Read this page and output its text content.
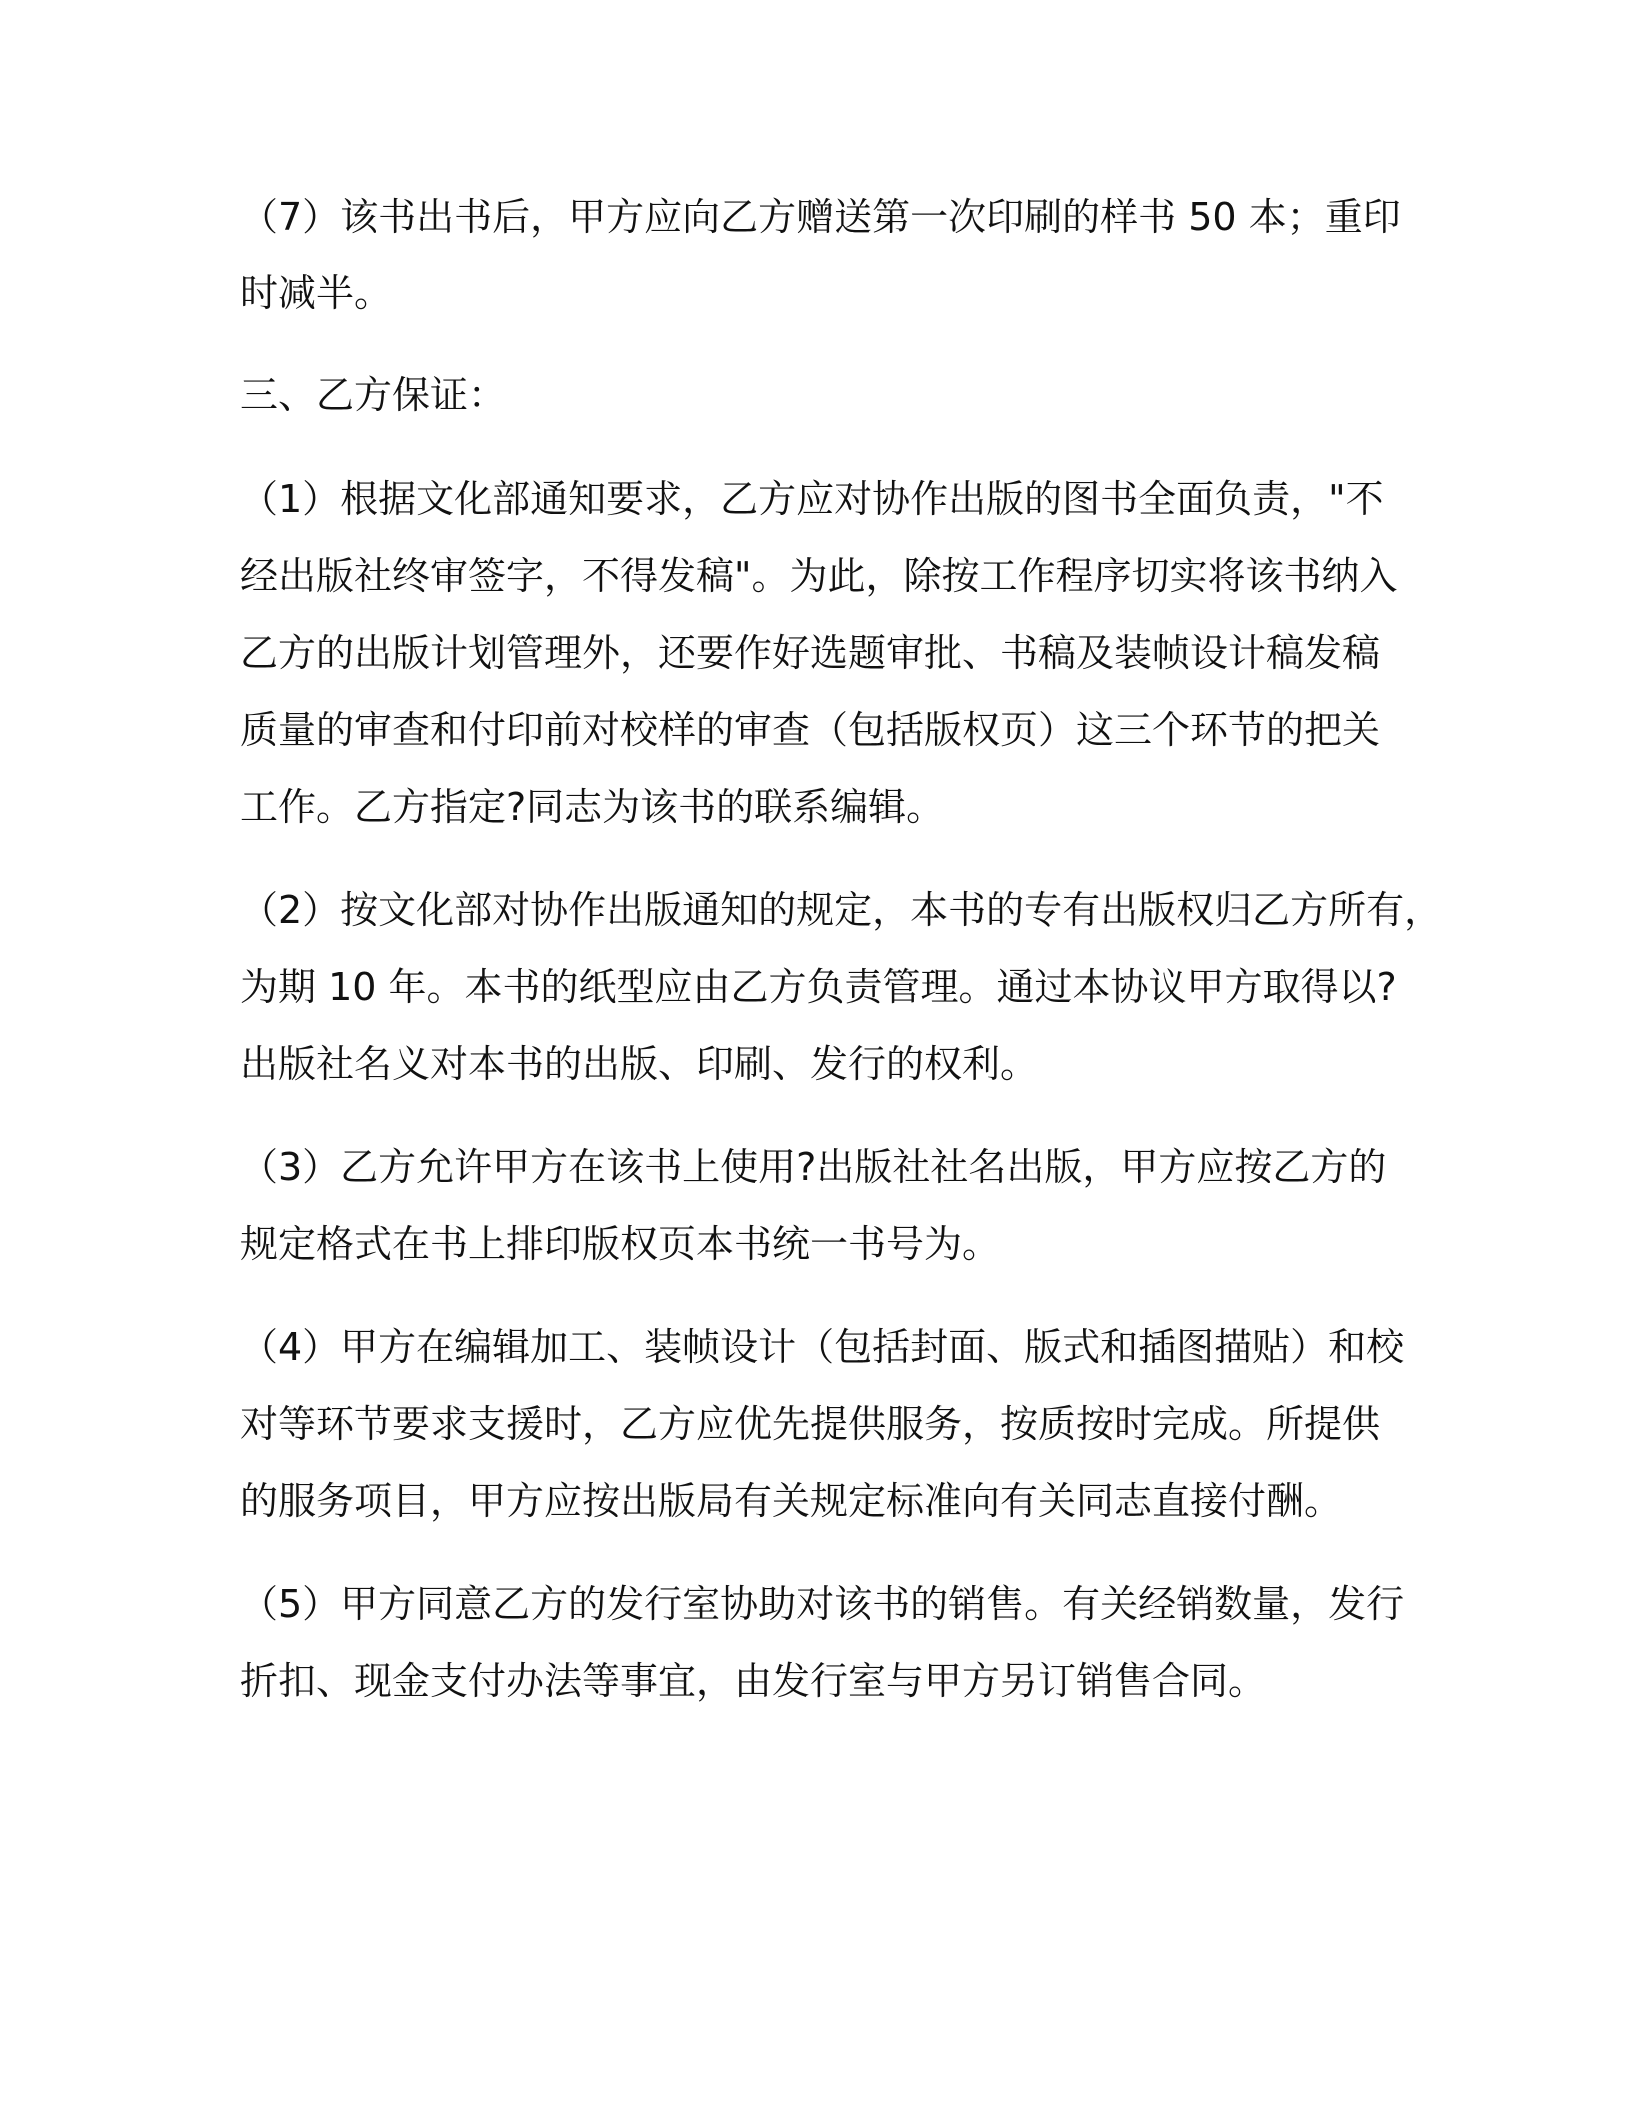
（7）该书出书后，甲方应向乙方赠送第一次印刷的样书 50 本；重印
时减半。
三、乙方保证：
（1）根据文化部通知要求，乙方应对协作出版的图书全面负责，"不
经出版社终审签字，不得发稿"。为此，除按工作程序切实将该书纳入
乙方的出版计划管理外，还要作好选题审批、书稿及装帧设计稿发稿
质量的审查和付印前对校样的审查（包括版权页）这三个环节的把关
工作。乙方指定?同志为该书的联系编辑。
（2）按文化部对协作出版通知的规定，本书的专有出版权归乙方所有，
为期 10 年。本书的纸型应由乙方负责管理。通过本协议甲方取得以?
出版社名义对本书的出版、印刷、发行的权利。
（3）乙方允许甲方在该书上使用?出版社社名出版，甲方应按乙方的
规定格式在书上排印版权页本书统一书号为。
（4）甲方在编辑加工、装帧设计（包括封面、版式和插图描贴）和校
对等环节要求支援时，乙方应优先提供服务，按质按时完成。所提供
的服务项目，甲方应按出版局有关规定标准向有关同志直接付酬。
（5）甲方同意乙方的发行室协助对该书的销售。有关经销数量，发行
折扣、现金支付办法等事宜，由发行室与甲方另订销售合同。
